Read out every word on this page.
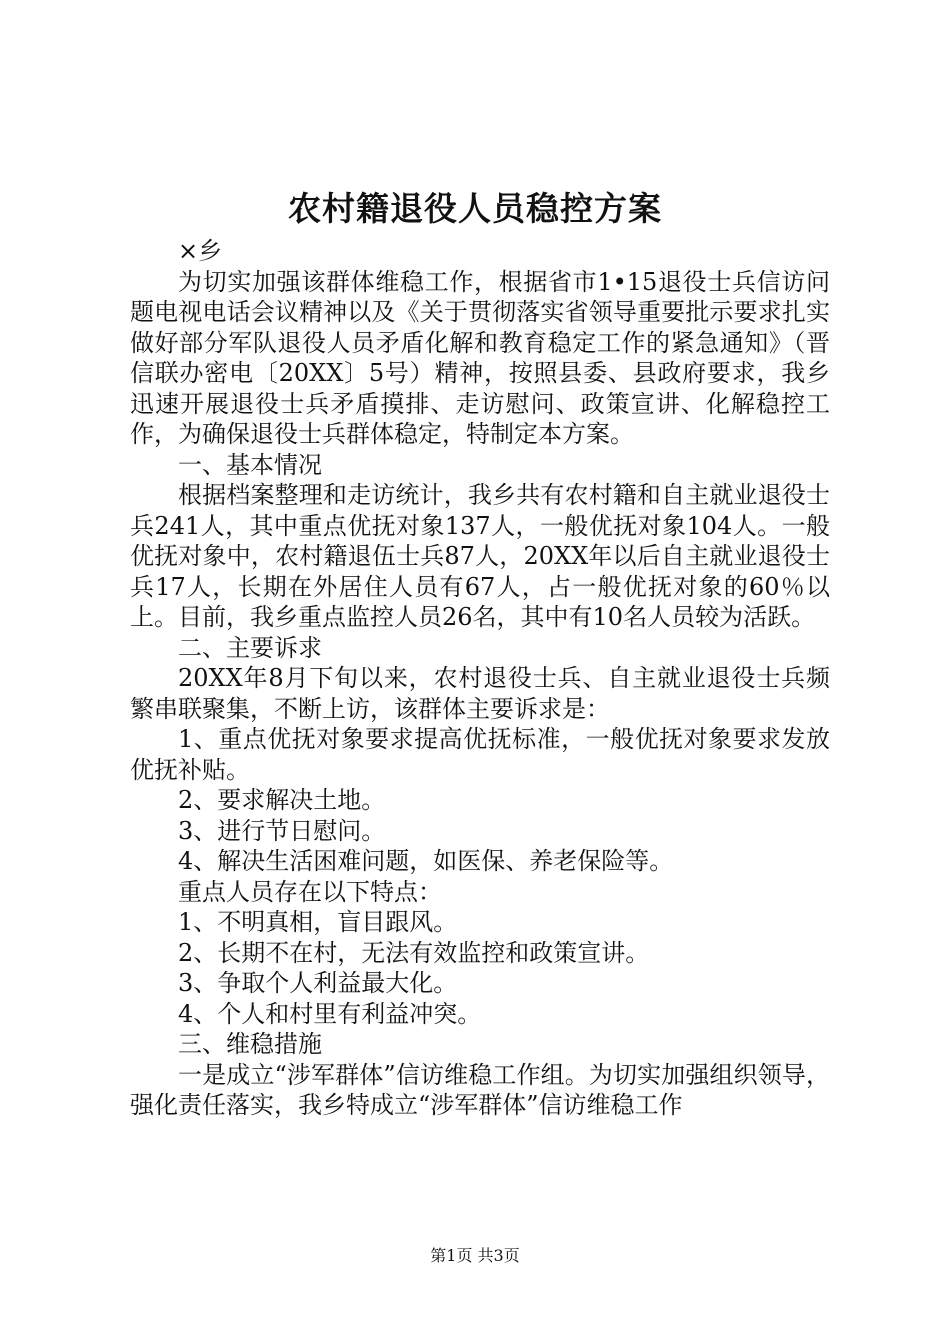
农村籍退役人员稳控方案

×乡

为切实加强该群体维稳工作，根据省市1•15退役士兵信访问题电视电话会议精神以及《关于贯彻落实省领导重要批示要求扎实做好部分军队退役人员矛盾化解和教育稳定工作的紧急通知》（晋信联办密电〔20XX〕5号）精神，按照县委、县政府要求，我乡迅速开展退役士兵矛盾摸排、走访慰问、政策宣讲、化解稳控工作，为确保退役士兵群体稳定，特制定本方案。

一、基本情况

根据档案整理和走访统计，我乡共有农村籍和自主就业退役士兵241人，其中重点优抚对象137人，一般优抚对象104人。一般优抚对象中，农村籍退伍士兵87人，20XX年以后自主就业退役士兵17人，长期在外居住人员有67人，占一般优抚对象的60％以上。目前，我乡重点监控人员26名，其中有10名人员较为活跃。

二、主要诉求

20XX年8月下旬以来，农村退役士兵、自主就业退役士兵频繁串联聚集，不断上访，该群体主要诉求是：

1、重点优抚对象要求提高优抚标准，一般优抚对象要求发放优抚补贴。

2、要求解决土地。

3、进行节日慰问。

4、解决生活困难问题，如医保、养老保险等。

重点人员存在以下特点：

1、不明真相，盲目跟风。

2、长期不在村，无法有效监控和政策宣讲。

3、争取个人利益最大化。

4、个人和村里有利益冲突。

三、维稳措施

一是成立“涉军群体”信访维稳工作组。为切实加强组织领导，强化责任落实，我乡特成立“涉军群体”信访维稳工作

第1页 共3页
